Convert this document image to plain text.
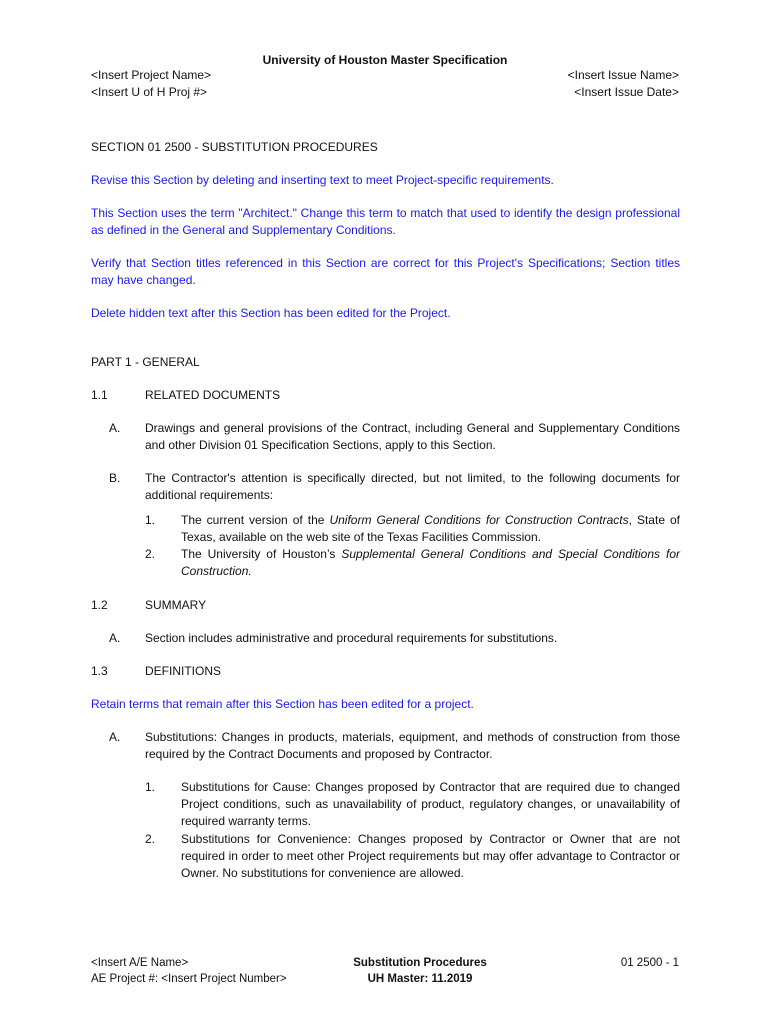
University of Houston Master Specification
<Insert Project Name>
<Insert U of H Proj #>
<Insert Issue Name>
<Insert Issue Date>
SECTION 01 2500 - SUBSTITUTION PROCEDURES
Revise this Section by deleting and inserting text to meet Project-specific requirements.
This Section uses the term "Architect." Change this term to match that used to identify the design professional as defined in the General and Supplementary Conditions.
Verify that Section titles referenced in this Section are correct for this Project's Specifications; Section titles may have changed.
Delete hidden text after this Section has been edited for the Project.
PART 1 - GENERAL
1.1	RELATED DOCUMENTS
A. Drawings and general provisions of the Contract, including General and Supplementary Conditions and other Division 01 Specification Sections, apply to this Section.
B. The Contractor's attention is specifically directed, but not limited, to the following documents for additional requirements:
1. The current version of the Uniform General Conditions for Construction Contracts, State of Texas, available on the web site of the Texas Facilities Commission.
2. The University of Houston’s Supplemental General Conditions and Special Conditions for Construction.
1.2	SUMMARY
A. Section includes administrative and procedural requirements for substitutions.
1.3	DEFINITIONS
Retain terms that remain after this Section has been edited for a project.
A. Substitutions: Changes in products, materials, equipment, and methods of construction from those required by the Contract Documents and proposed by Contractor.
1. Substitutions for Cause: Changes proposed by Contractor that are required due to changed Project conditions, such as unavailability of product, regulatory changes, or unavailability of required warranty terms.
2. Substitutions for Convenience: Changes proposed by Contractor or Owner that are not required in order to meet other Project requirements but may offer advantage to Contractor or Owner. No substitutions for convenience are allowed.
<Insert A/E Name>
AE Project #: <Insert Project Number>
Substitution Procedures
UH Master: 11.2019
01 2500 - 1
